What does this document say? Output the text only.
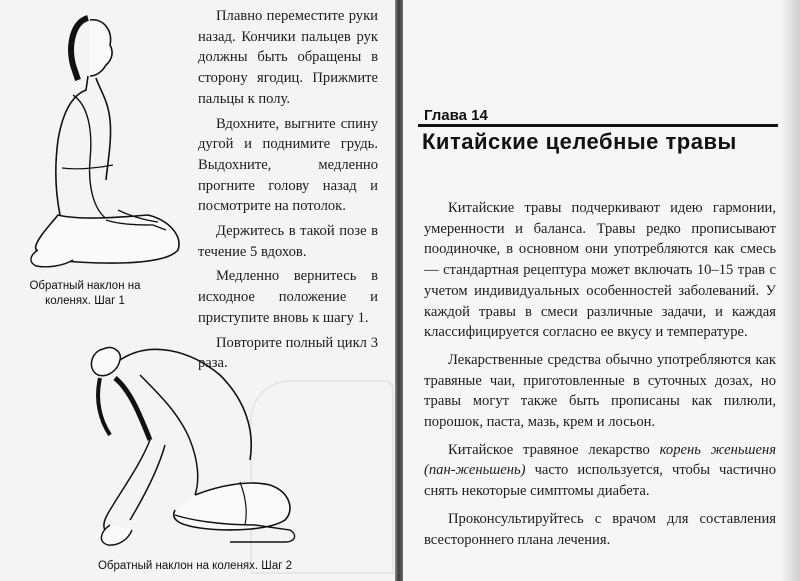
Обратный наклон на коленях. Шаг 1
Обратный наклон на коленях. Шаг 2

Плавно переместите руки назад. Кончики пальцев рук должны быть обращены в сторону ягодиц. Прижмите пальцы к полу.

Вдохните, выгните спину дугой и поднимите грудь. Выдохните, медленно прогните голову назад и посмотрите на потолок.

Держитесь в такой позе в течение 5 вдохов.

Медленно вернитесь в исходное положение и приступите вновь к шагу 1.

Повторите полный цикл 3 раза.

Глава 14
Китайские целебные травы

Китайские травы подчеркивают идею гармонии, умеренности и баланса. Травы редко прописывают поодиночке, в основном они употребляются как смесь — стандартная рецептура может включать 10–15 трав с учетом индивидуальных особенностей заболеваний. У каждой травы в смеси различные задачи, и каждая классифицируется согласно ее вкусу и температуре.

Лекарственные средства обычно употребляются как травяные чаи, приготовленные в суточных дозах, но травы могут также быть прописаны как пилюли, порошок, паста, мазь, крем и лосьон.

Китайское травяное лекарство корень женьшеня (пан-женьшень) часто используется, чтобы частично снять некоторые симптомы диабета.

Проконсультируйтесь с врачом для составления всестороннего плана лечения.
